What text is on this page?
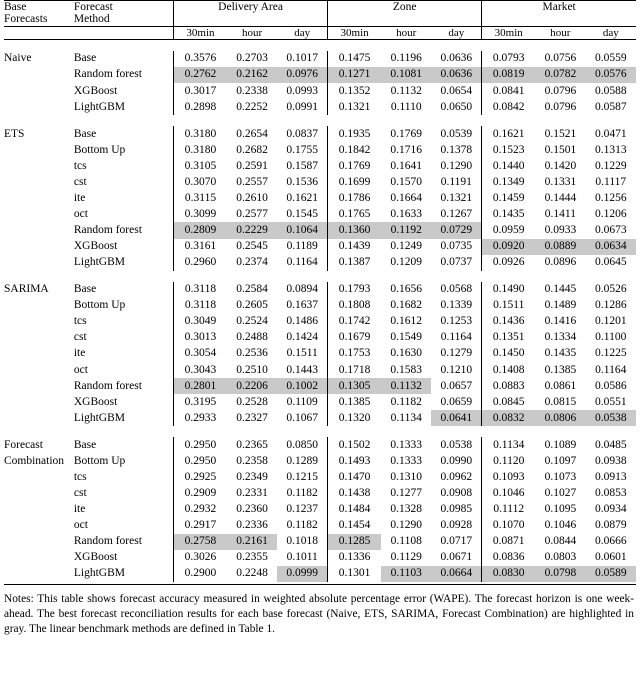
Base
Forecasts	Forecast
Method	Delivery Area			Zone			Market		

		30min	hour	day	30min	hour	day	30min	hour	day

Naive	Base	0.3576	0.2703	0.1017	0.1475	0.1196	0.0636	0.0793	0.0756	0.0559
	Random forest	0.2762	0.2162	0.0976	0.1271	0.1081	0.0636	0.0819	0.0782	0.0576
	XGBoost	0.3017	0.2338	0.0993	0.1352	0.1132	0.0654	0.0841	0.0796	0.0588
	LightGBM	0.2898	0.2252	0.0991	0.1321	0.1110	0.0650	0.0842	0.0796	0.0587

ETS	Base	0.3180	0.2654	0.0837	0.1935	0.1769	0.0539	0.1621	0.1521	0.0471
	Bottom Up	0.3180	0.2682	0.1755	0.1842	0.1716	0.1378	0.1523	0.1501	0.1313
	tcs	0.3105	0.2591	0.1587	0.1769	0.1641	0.1290	0.1440	0.1420	0.1229
	cst	0.3070	0.2557	0.1536	0.1699	0.1570	0.1191	0.1349	0.1331	0.1117
	ite	0.3115	0.2610	0.1621	0.1786	0.1664	0.1321	0.1459	0.1444	0.1256
	oct	0.3099	0.2577	0.1545	0.1765	0.1633	0.1267	0.1435	0.1411	0.1206
	Random forest	0.2809	0.2229	0.1064	0.1360	0.1192	0.0729	0.0959	0.0933	0.0673
	XGBoost	0.3161	0.2545	0.1189	0.1439	0.1249	0.0735	0.0920	0.0889	0.0634
	LightGBM	0.2960	0.2374	0.1164	0.1387	0.1209	0.0737	0.0926	0.0896	0.0645

SARIMA	Base	0.3118	0.2584	0.0894	0.1793	0.1656	0.0568	0.1490	0.1445	0.0526
	Bottom Up	0.3118	0.2605	0.1637	0.1808	0.1682	0.1339	0.1511	0.1489	0.1286
	tcs	0.3049	0.2524	0.1486	0.1742	0.1612	0.1253	0.1436	0.1416	0.1201
	cst	0.3013	0.2488	0.1424	0.1679	0.1549	0.1164	0.1351	0.1334	0.1100
	ite	0.3054	0.2536	0.1511	0.1753	0.1630	0.1279	0.1450	0.1435	0.1225
	oct	0.3043	0.2510	0.1443	0.1718	0.1583	0.1210	0.1408	0.1385	0.1164
	Random forest	0.2801	0.2206	0.1002	0.1305	0.1132	0.0657	0.0883	0.0861	0.0586
	XGBoost	0.3195	0.2528	0.1109	0.1385	0.1182	0.0659	0.0845	0.0815	0.0551
	LightGBM	0.2933	0.2327	0.1067	0.1320	0.1134	0.0641	0.0832	0.0806	0.0538

Forecast	Base	0.2950	0.2365	0.0850	0.1502	0.1333	0.0538	0.1134	0.1089	0.0485

Combination	Bottom Up	0.2950	0.2358	0.1289	0.1493	0.1333	0.0990	0.1120	0.1097	0.0938
	tcs	0.2925	0.2349	0.1215	0.1470	0.1310	0.0962	0.1093	0.1073	0.0913
	cst	0.2909	0.2331	0.1182	0.1438	0.1277	0.0908	0.1046	0.1027	0.0853
	ite	0.2932	0.2360	0.1237	0.1484	0.1328	0.0985	0.1112	0.1095	0.0934
	oct	0.2917	0.2336	0.1182	0.1454	0.1290	0.0928	0.1070	0.1046	0.0879
	Random forest	0.2758	0.2161	0.1018	0.1285	0.1108	0.0717	0.0871	0.0844	0.0666
	XGBoost	0.3026	0.2355	0.1011	0.1336	0.1129	0.0671	0.0836	0.0803	0.0601
	LightGBM	0.2900	0.2248	0.0999	0.1301	0.1103	0.0664	0.0830	0.0798	0.0589
Notes: This table shows forecast accuracy measured in weighted absolute percentage error (WAPE). The forecast horizon is one week-ahead. The best forecast reconciliation results for each base forecast (Naive, ETS, SARIMA, Forecast Combination) are highlighted in gray. The linear benchmark methods are defined in Table 1.
